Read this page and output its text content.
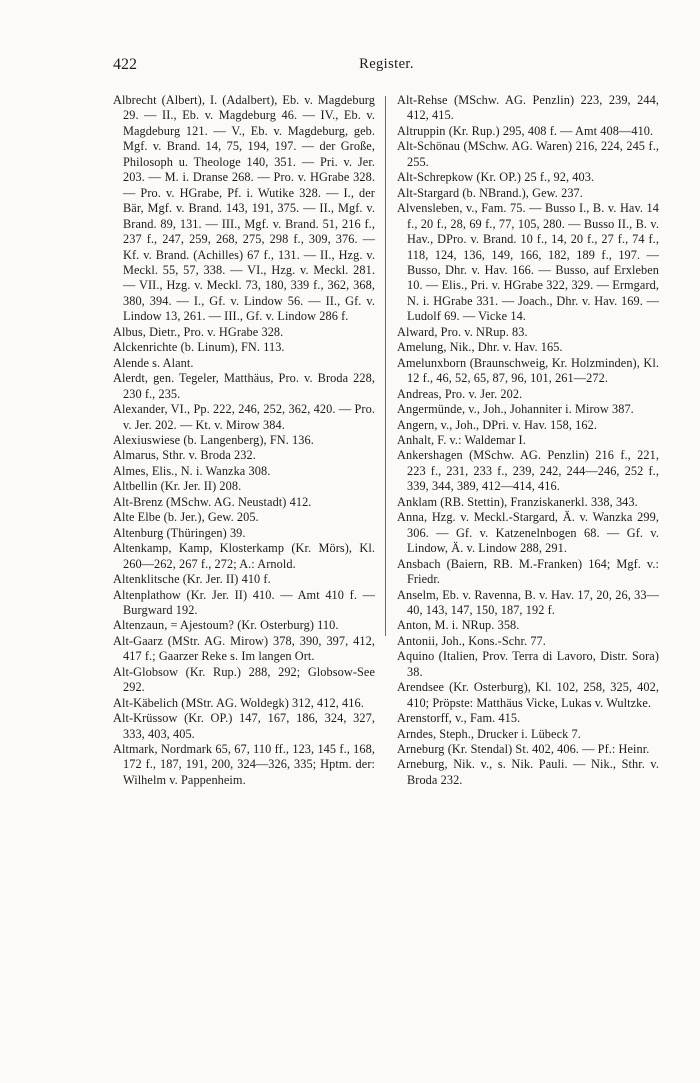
422	Register.

Albrecht (Albert), I. (Adalbert), Eb. v. Magdeburg 29. — II., Eb. v. Magdeburg 46. — IV., Eb. v. Magdeburg 121. — V., Eb. v. Magdeburg, geb. Mgf. v. Brand. 14, 75, 194, 197. — der Große, Philosoph u. Theologe 140, 351. — Pri. v. Jer. 203. — M. i. Dranse 268. — Pro. v. HGrabe 328. — Pro. v. HGrabe, Pf. i. Wutike 328. — I., der Bär, Mgf. v. Brand. 143, 191, 375. — II., Mgf. v. Brand. 89, 131. — III., Mgf. v. Brand. 51, 216 f., 237 f., 247, 259, 268, 275, 298 f., 309, 376. — Kf. v. Brand. (Achilles) 67 f., 131. — II., Hzg. v. Meckl. 55, 57, 338. — VI., Hzg. v. Meckl. 281. — VII., Hzg. v. Meckl. 73, 180, 339 f., 362, 368, 380, 394. — I., Gf. v. Lindow 56. — II., Gf. v. Lindow 13, 261. — III., Gf. v. Lindow 286 f.

Albus, Dietr., Pro. v. HGrabe 328.

Alckenrichte (b. Linum), FN. 113.

Alende s. Alant.

Alerdt, gen. Tegeler, Matthäus, Pro. v. Broda 228, 230 f., 235.

Alexander, VI., Pp. 222, 246, 252, 362, 420. — Pro. v. Jer. 202. — Kt. v. Mirow 384.

Alexiuswiese (b. Langenberg), FN. 136.

Almarus, Sthr. v. Broda 232.

Almes, Elis., N. i. Wanzka 308.

Altbellin (Kr. Jer. II) 208.

Alt-Brenz (MSchw. AG. Neustadt) 412.

Alte Elbe (b. Jer.), Gew. 205.

Altenburg (Thüringen) 39.

Altenkamp, Kamp, Klosterkamp (Kr. Mörs), Kl. 260—262, 267 f., 272; A.: Arnold.

Altenklitsche (Kr. Jer. II) 410 f.

Altenplathow (Kr. Jer. II) 410. — Amt 410 f. — Burgward 192.

Altenzaun, = Ajestoum? (Kr. Osterburg) 110.

Alt-Gaarz (MStr. AG. Mirow) 378, 390, 397, 412, 417 f.; Gaarzer Reke s. Im langen Ort.

Alt-Globsow (Kr. Rup.) 288, 292; Globsow-See 292.

Alt-Käbelich (MStr. AG. Woldegk) 312, 412, 416.

Alt-Krüssow (Kr. OP.) 147, 167, 186, 324, 327, 333, 403, 405.

Altmark, Nordmark 65, 67, 110 ff., 123, 145 f., 168, 172 f., 187, 191, 200, 324—326, 335; Hptm. der: Wilhelm v. Pappenheim.

Alt-Rehse (MSchw. AG. Penzlin) 223, 239, 244, 412, 415.

Altruppin (Kr. Rup.) 295, 408 f. — Amt 408—410.

Alt-Schönau (MSchw. AG. Waren) 216, 224, 245 f., 255.

Alt-Schrepkow (Kr. OP.) 25 f., 92, 403.

Alt-Stargard (b. NBrand.), Gew. 237.

Alvensleben, v., Fam. 75. — Busso I., B. v. Hav. 14 f., 20 f., 28, 69 f., 77, 105, 280. — Busso II., B. v. Hav., DPro. v. Brand. 10 f., 14, 20 f., 27 f., 74 f., 118, 124, 136, 149, 166, 182, 189 f., 197. — Busso, Dhr. v. Hav. 166. — Busso, auf Erxleben 10. — Elis., Pri. v. HGrabe 322, 329. — Ermgard, N. i. HGrabe 331. — Joach., Dhr. v. Hav. 169. — Ludolf 69. — Vicke 14.

Alward, Pro. v. NRup. 83.

Amelung, Nik., Dhr. v. Hav. 165.

Amelunxborn (Braunschweig, Kr. Holzminden), Kl. 12 f., 46, 52, 65, 87, 96, 101, 261—272.

Andreas, Pro. v. Jer. 202.

Angermünde, v., Joh., Johanniter i. Mirow 387.

Angern, v., Joh., DPri. v. Hav. 158, 162.

Anhalt, F. v.: Waldemar I.

Ankershagen (MSchw. AG. Penzlin) 216 f., 221, 223 f., 231, 233 f., 239, 242, 244—246, 252 f., 339, 344, 389, 412—414, 416.

Anklam (RB. Stettin), Franziskanerkl. 338, 343.

Anna, Hzg. v. Meckl.-Stargard, Ä. v. Wanzka 299, 306. — Gf. v. Katzenelnbogen 68. — Gf. v. Lindow, Ä. v. Lindow 288, 291.

Ansbach (Baiern, RB. M.-Franken) 164; Mgf. v.: Friedr.

Anselm, Eb. v. Ravenna, B. v. Hav. 17, 20, 26, 33—40, 143, 147, 150, 187, 192 f.

Anton, M. i. NRup. 358.

Antonii, Joh., Kons.-Schr. 77.

Aquino (Italien, Prov. Terra di Lavoro, Distr. Sora) 38.

Arendsee (Kr. Osterburg), Kl. 102, 258, 325, 402, 410; Pröpste: Matthäus Vicke, Lukas v. Wultzke.

Arenstorff, v., Fam. 415.

Arndes, Steph., Drucker i. Lübeck 7.

Arneburg (Kr. Stendal) St. 402, 406. — Pf.: Heinr.

Arneburg, Nik. v., s. Nik. Pauli. — Nik., Sthr. v. Broda 232.
